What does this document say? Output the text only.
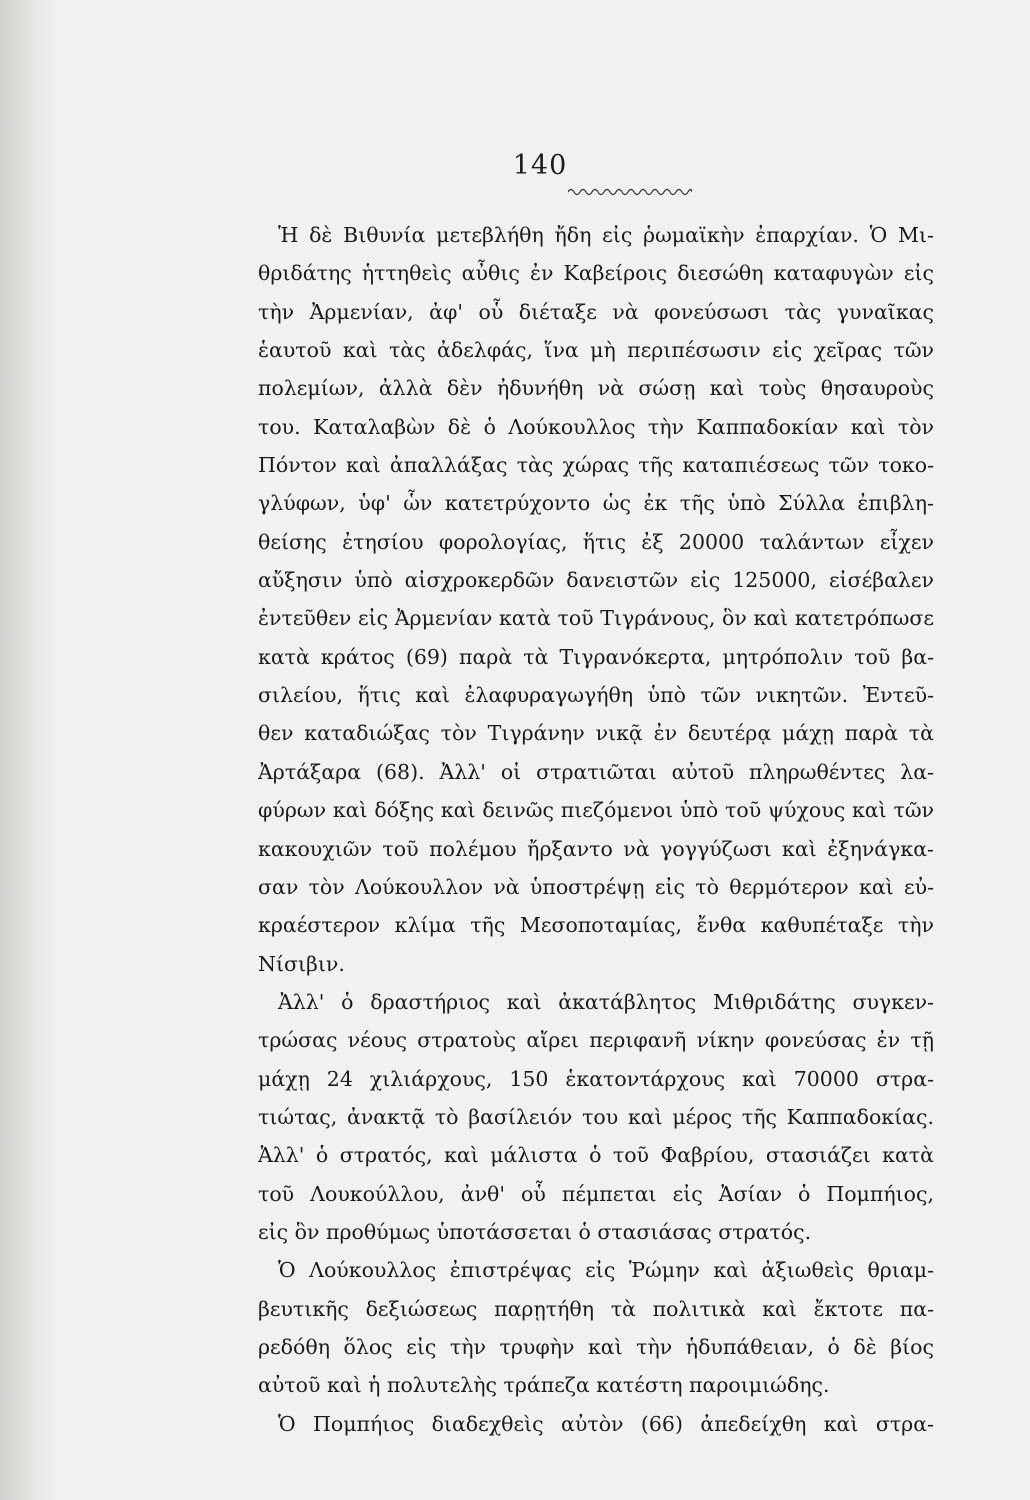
140
Ἡ δὲ Βιθυνία μετεβλήθη ἤδη εἰς ῥωμαϊκὴν ἐπαρχίαν. Ὁ Μι-
θριδάτης ἡττηθεὶς αὖθις ἐν Καβείροις διεσώθη καταφυγὼν εἰς
τὴν Ἀρμενίαν, ἀφ' οὗ διέταξε νὰ φονεύσωσι τὰς γυναῖκας
ἑαυτοῦ καὶ τὰς ἀδελφάς, ἵνα μὴ περιπέσωσιν εἰς χεῖρας τῶν
πολεμίων, ἀλλὰ δὲν ἠδυνήθη νὰ σώσῃ καὶ τοὺς θησαυροὺς
του. Καταλαβὼν δὲ ὁ Λούκουλλος τὴν Καππαδοκίαν καὶ τὸν
Πόντον καὶ ἀπαλλάξας τὰς χώρας τῆς καταπιέσεως τῶν τοκο-
γλύφων, ὑφ' ὧν κατετρύχοντο ὡς ἐκ τῆς ὑπὸ Σύλλα ἐπιβλη-
θείσης ἐτησίου φορολογίας, ἥτις ἐξ 20000 ταλάντων εἶχεν
αὔξησιν ὑπὸ αἰσχροκερδῶν δανειστῶν εἰς 125000, εἰσέβαλεν
ἐντεῦθεν εἰς Ἀρμενίαν κατὰ τοῦ Τιγράνους, ὃν καὶ κατετρόπωσε
κατὰ κράτος (69) παρὰ τὰ Τιγρανόκερτα, μητρόπολιν τοῦ βα-
σιλείου, ἥτις καὶ ἐλαφυραγωγήθη ὑπὸ τῶν νικητῶν. Ἐντεῦ-
θεν καταδιώξας τὸν Τιγράνην νικᾷ ἐν δευτέρᾳ μάχῃ παρὰ τὰ
Ἀρτάξαρα (68). Ἀλλ' οἱ στρατιῶται αὐτοῦ πληρωθέντες λα-
φύρων καὶ δόξης καὶ δεινῶς πιεζόμενοι ὑπὸ τοῦ ψύχους καὶ τῶν
κακουχιῶν τοῦ πολέμου ἤρξαντο νὰ γογγύζωσι καὶ ἐξηνάγκα-
σαν τὸν Λούκουλλον νὰ ὑποστρέψῃ εἰς τὸ θερμότερον καὶ εὐ-
κραέστερον κλίμα τῆς Μεσοποταμίας, ἔνθα καθυπέταξε τὴν
Νίσιβιν.
Ἀλλ' ὁ δραστήριος καὶ ἀκατάβλητος Μιθριδάτης συγκεν-
τρώσας νέους στρατοὺς αἴρει περιφανῆ νίκην φονεύσας ἐν τῇ
μάχῃ 24 χιλιάρχους, 150 ἑκατοντάρχους καὶ 70000 στρα-
τιώτας, ἀνακτᾷ τὸ βασίλειόν του καὶ μέρος τῆς Καππαδοκίας.
Ἀλλ' ὁ στρατός, καὶ μάλιστα ὁ τοῦ Φαβρίου, στασιάζει κατὰ
τοῦ Λουκούλλου, ἀνθ' οὗ πέμπεται εἰς Ἀσίαν ὁ Πομπήιος,
εἰς ὃν προθύμως ὑποτάσσεται ὁ στασιάσας στρατός.
Ὁ Λούκουλλος ἐπιστρέψας εἰς Ῥώμην καὶ ἀξιωθεὶς θριαμ-
βευτικῆς δεξιώσεως παρῃτήθη τὰ πολιτικὰ καὶ ἔκτοτε πα-
ρεδόθη ὅλος εἰς τὴν τρυφὴν καὶ τὴν ἡδυπάθειαν, ὁ δὲ βίος
αὐτοῦ καὶ ἡ πολυτελὴς τράπεζα κατέστη παροιμιώδης.
Ὁ Πομπήιος διαδεχθεὶς αὐτὸν (66) ἀπεδείχθη καὶ στρα-
